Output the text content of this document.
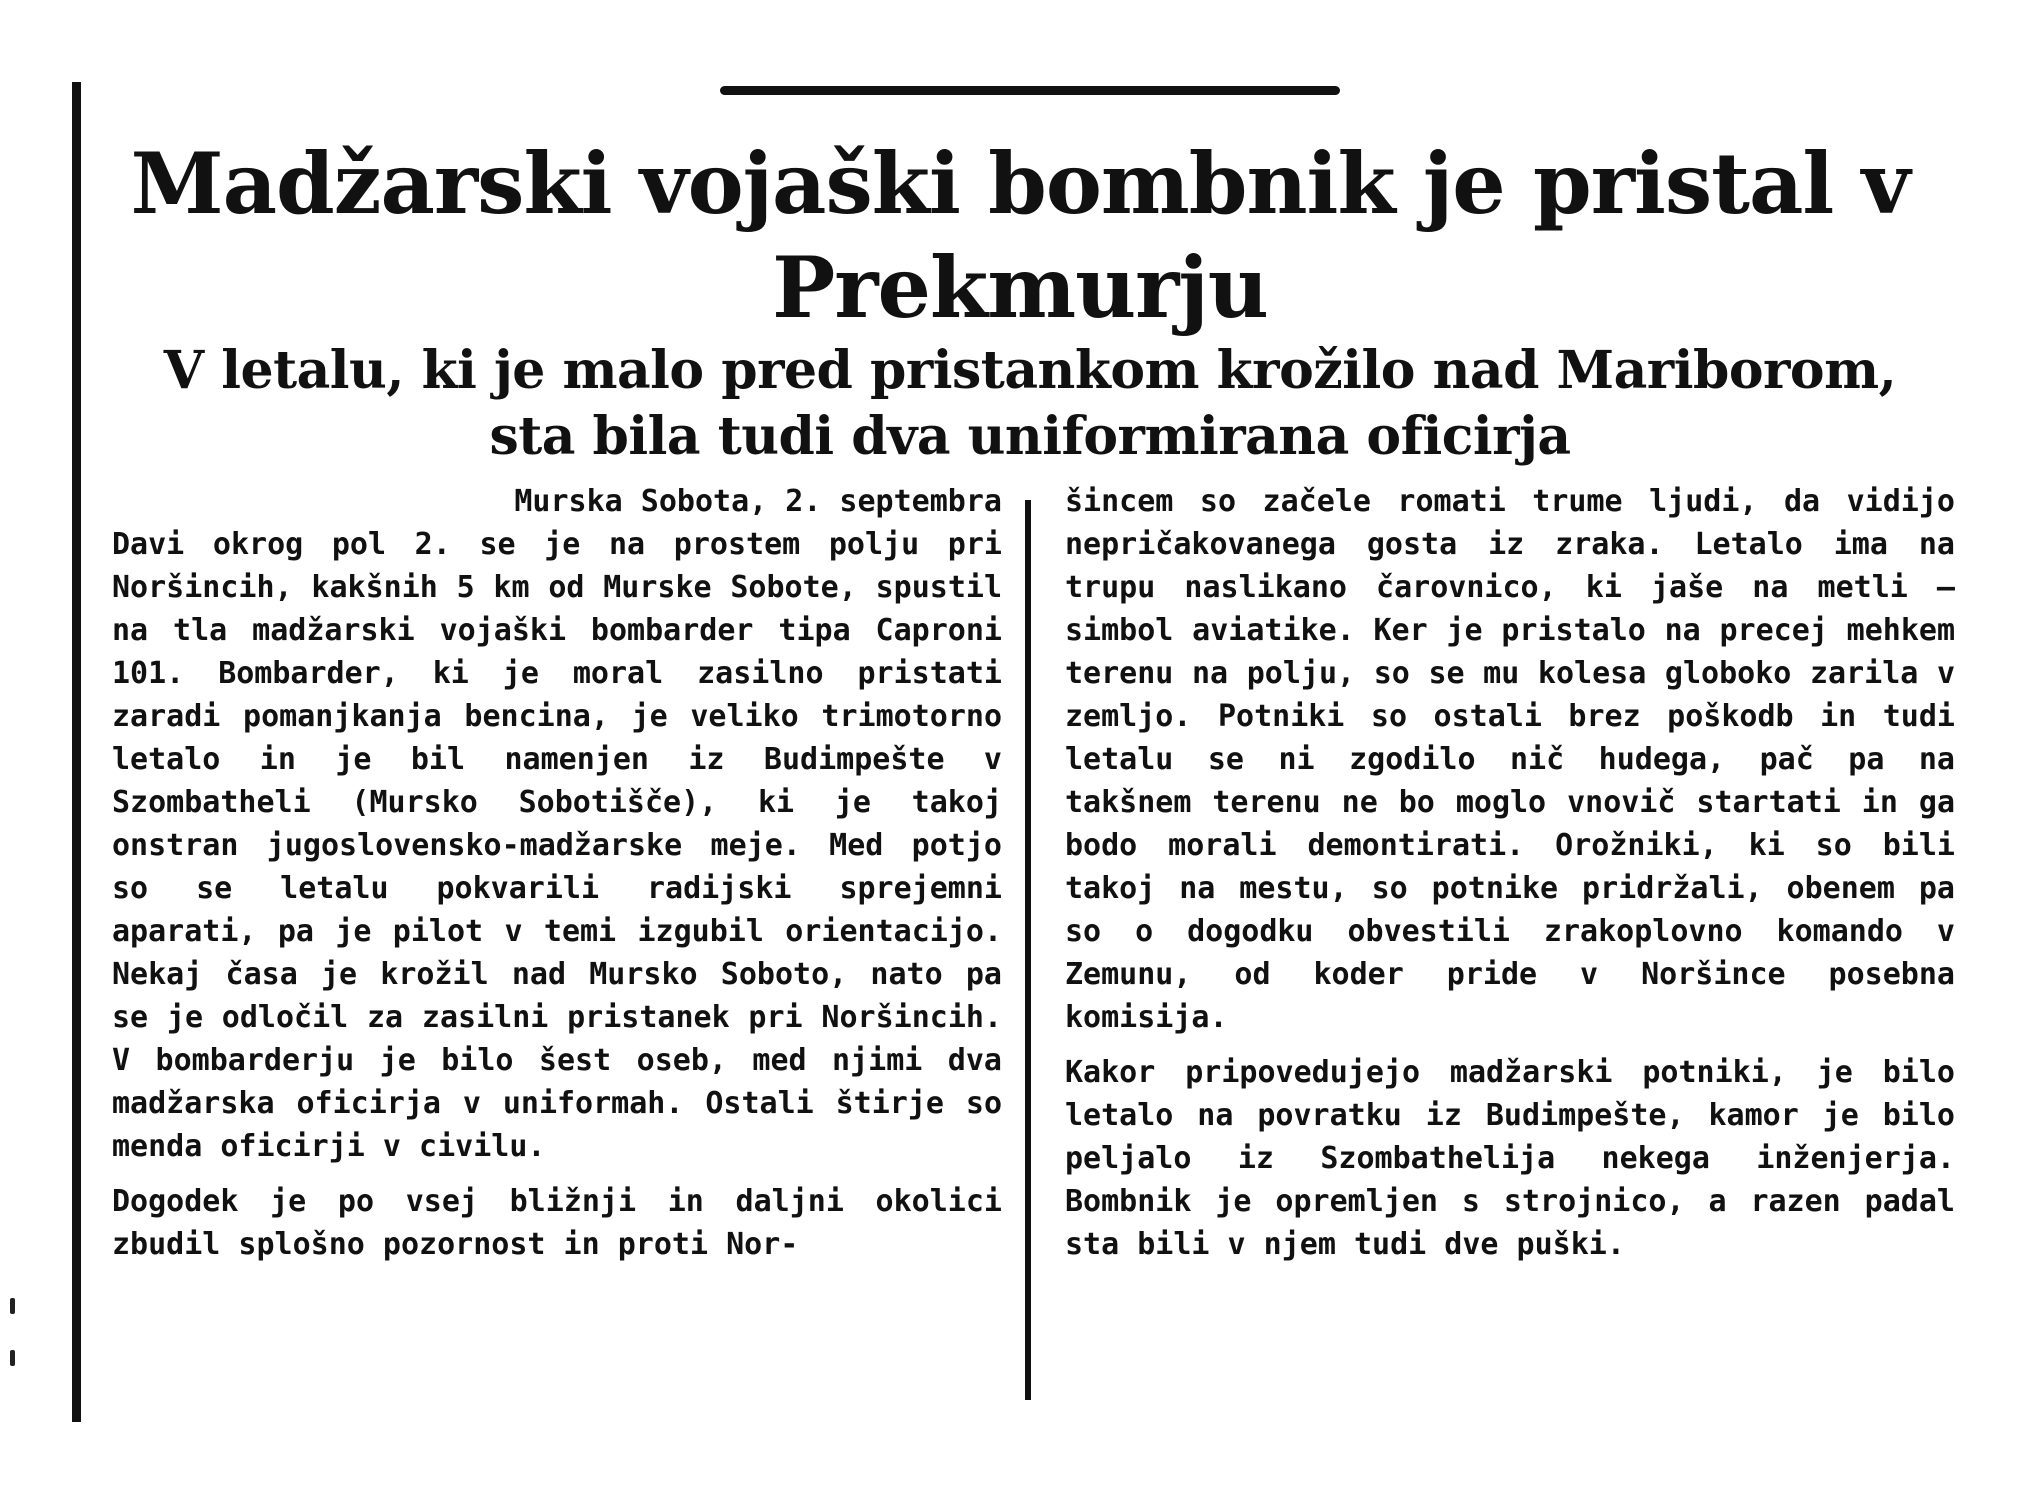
Madžarski vojaški bombnik je pristal v Prekmurju
V letalu, ki je malo pred pristankom krožilo nad Mariborom, sta bila tudi dva uniformirana oficirja
Murska Sobota, 2. septembra

Davi okrog pol 2. se je na prostem polju pri Noršincih, kakšnih 5 km od Murske Sobote, spustil na tla madžarski vojaški bombarder tipa Caproni 101. Bombarder, ki je moral zasilno pristati zaradi pomanjkanja bencina, je veliko trimotorno letalo in je bil namenjen iz Budimpešte v Szombatheli (Mursko Sobotišče), ki je takoj onstran jugoslovensko-madžarske meje. Med potjo so se letalu pokvarili radijski sprejemni aparati, pa je pilot v temi izgubil orientacijo. Nekaj časa je krožil nad Mursko Soboto, nato pa se je odločil za zasilni pristanek pri Noršincih. V bombarderju je bilo šest oseb, med njimi dva madžarska oficirja v uniformah. Ostali štirje so menda oficirji v civilu.

Dogodek je po vsej bližnji in daljni okolici zbudil splošno pozornost in proti Nor-

šincem so začele romati trume ljudi, da vidijo nepričakovanega gosta iz zraka. Letalo ima na trupu naslikano čarovnico, ki jaše na metli — simbol aviatike. Ker je pristalo na precej mehkem terenu na polju, so se mu kolesa globoko zarila v zemljo. Potniki so ostali brez poškodb in tudi letalu se ni zgodilo nič hudega, pač pa na takšnem terenu ne bo moglo vnovič startati in ga bodo morali demontirati. Orožniki, ki so bili takoj na mestu, so potnike pridržali, obenem pa so o dogodku obvestili zrakoplovno komando v Zemunu, od koder pride v Noršince posebna komisija.

Kakor pripovedujejo madžarski potniki, je bilo letalo na povratku iz Budimpešte, kamor je bilo peljalo iz Szombathelija nekega inženjerja. Bombnik je opremljen s strojnico, a razen padal sta bili v njem tudi dve puški.
